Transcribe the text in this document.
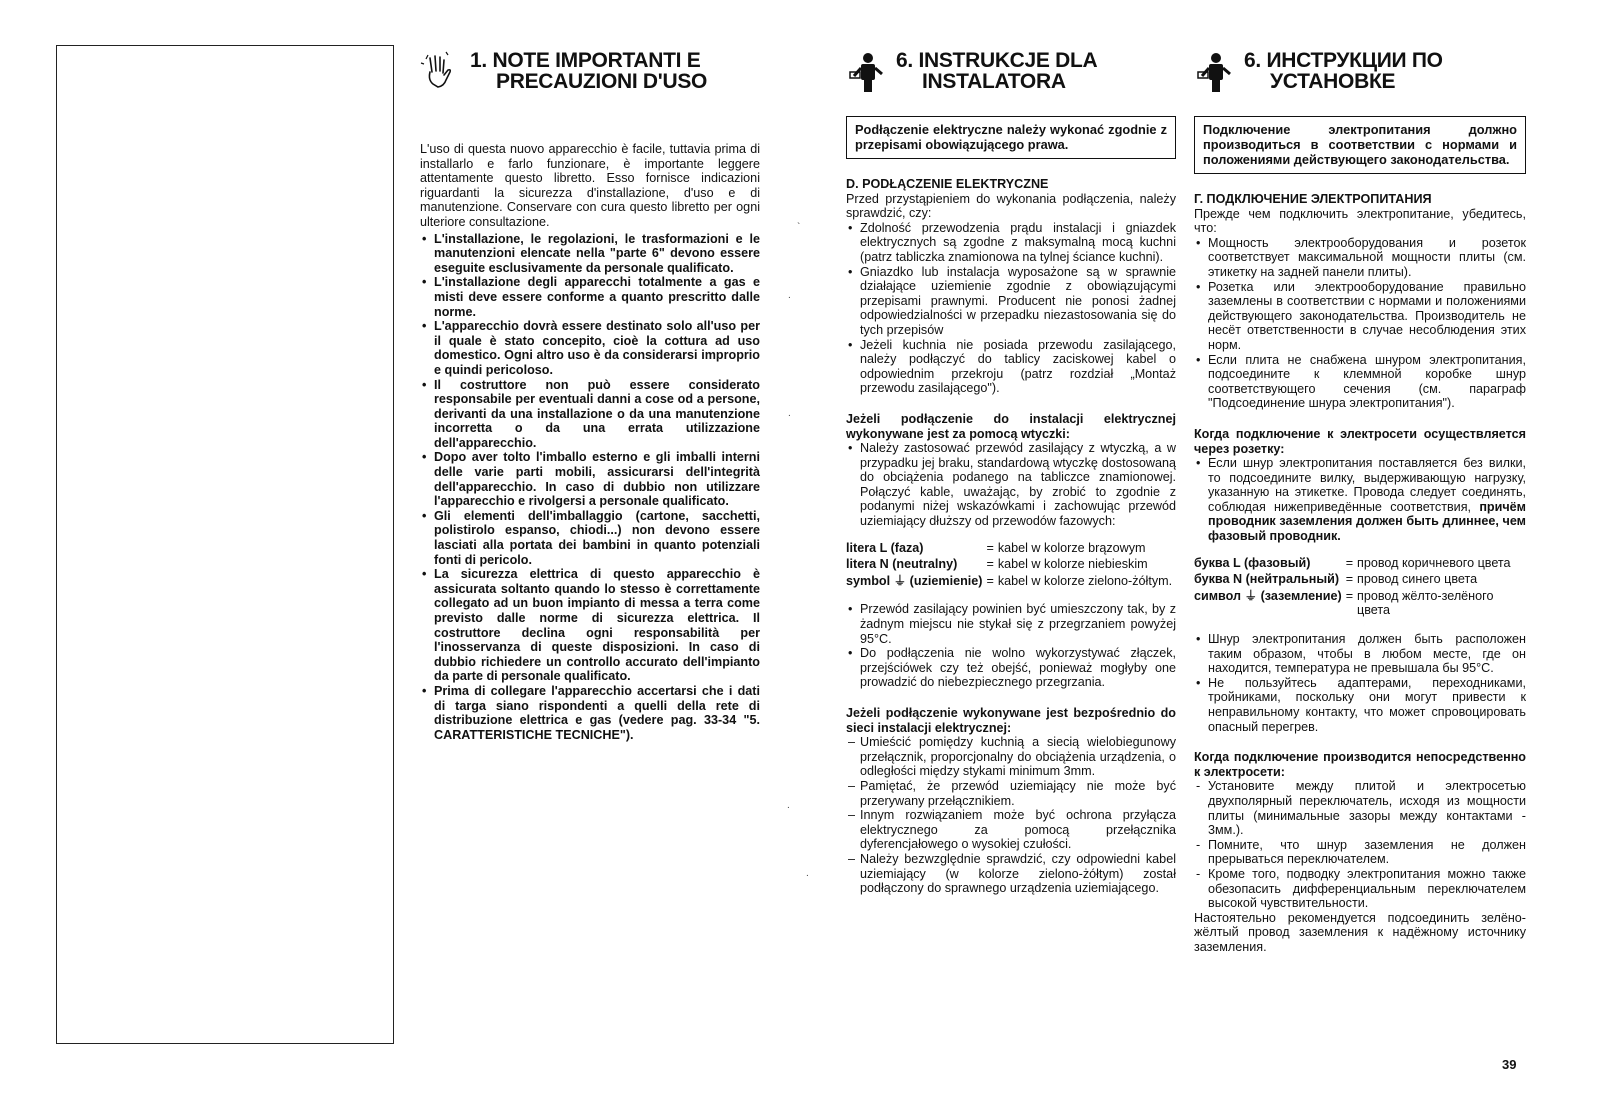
1. NOTE IMPORTANTI E
PRECAUZIONI D'USO

L'uso di questa nuovo apparecchio è facile, tuttavia prima di installarlo e farlo funzionare, è importante leggere attentamente questo libretto. Esso fornisce indicazioni riguardanti la sicurezza d'installazione, d'uso e di manutenzione. Conservare con cura questo libretto per ogni ulteriore consultazione.

• L'installazione, le regolazioni, le trasformazioni e le manutenzioni elencate nella "parte 6" devono essere eseguite esclusivamente da personale qualificato.
• L'installazione degli apparecchi totalmente a gas e misti deve essere conforme a quanto prescritto dalle norme.
• L'apparecchio dovrà essere destinato solo all'uso per il quale è stato concepito, cioè la cottura ad uso domestico. Ogni altro uso è da considerarsi improprio e quindi pericoloso.
• Il costruttore non può essere considerato responsabile per eventuali danni a cose od a persone, derivanti da una installazione o da una manutenzione incorretta o da una errata utilizzazione dell'apparecchio.
• Dopo aver tolto l'imballo esterno e gli imballi interni delle varie parti mobili, assicurarsi dell'integrità dell'apparecchio. In caso di dubbio non utilizzare l'apparecchio e rivolgersi a personale qualificato.
• Gli elementi dell'imballaggio (cartone, sacchetti, polistirolo espanso, chiodi...) non devono essere lasciati alla portata dei bambini in quanto potenziali fonti di pericolo.
• La sicurezza elettrica di questo apparecchio è assicurata soltanto quando lo stesso è correttamente collegato ad un buon impianto di messa a terra come previsto dalle norme di sicurezza elettrica. Il costruttore declina ogni responsabilità per l'inosservanza di queste disposizioni. In caso di dubbio richiedere un controllo accurato dell'impianto da parte di personale qualificato.
• Prima di collegare l'apparecchio accertarsi che i dati di targa siano rispondenti a quelli della rete di distribuzione elettrica e gas (vedere pag. 33-34 "5. CARATTERISTICHE TECNICHE").
6. INSTRUKCJE DLA
INSTALATORA
Podłączenie elektryczne należy wykonać zgodnie z przepisami obowiązującego prawa.

D. PODŁĄCZENIE ELEKTRYCZNE

Przed przystąpieniem do wykonania podłączenia, należy sprawdzić, czy:

• Zdolność przewodzenia prądu instalacji i gniazdek elektrycznych są zgodne z maksymalną mocą kuchni (patrz tabliczka znamionowa na tylnej ściance kuchni).
• Gniazdko lub instalacja wyposażone są w sprawnie działające uziemienie zgodnie z obowiązującymi przepisami prawnymi. Producent nie ponosi żadnej odpowiedzialności w przepadku niezastosowania się do tych przepisów
• Jeżeli kuchnia nie posiada przewodu zasilającego, należy podłączyć do tablicy zaciskowej kabel o odpowiednim przekroju (patrz rozdział „Montaż przewodu zasilającego").

Jeżeli podłączenie do instalacji elektrycznej wykonywane jest za pomocą wtyczki:

• Należy zastosować przewód zasilający z wtyczką, a w przypadku jej braku, standardową wtyczkę dostosowaną do obciążenia podanego na tabliczce znamionowej. Połączyć kable, uważając, by zrobić to zgodnie z podanymi niżej wskazówkami i zachowując przewód uziemiający dłuższy od przewodów fazowych:
litera L (faza)	=	kabel w kolorze brązowym
litera N (neutralny)	=	kabel w kolorze niebieskim
symbol ⏚ (uziemienie)	=	kabel w kolorze zielono-żółtym.
• Przewód zasilający powinien być umieszczony tak, by z żadnym miejscu nie stykał się z przegrzaniem powyżej 95°C.
• Do podłączenia nie wolno wykorzystywać złączek, przejściówek czy też obejść, ponieważ mogłyby one prowadzić do niebezpiecznego przegrzania.

Jeżeli podłączenie wykonywane jest bezpośrednio do sieci instalacji elektrycznej:

– Umieścić pomiędzy kuchnią a siecią wielobiegunowy przełącznik, proporcjonalny do obciążenia urządzenia, o odległości między stykami minimum 3mm.
– Pamiętać, że przewód uziemiający nie może być przerywany przełącznikiem.
– Innym rozwiązaniem może być ochrona przyłącza elektrycznego za pomocą przełącznika dyferencjałowego o wysokiej czułości.
– Należy bezwzględnie sprawdzić, czy odpowiedni kabel uziemiający (w kolorze zielono-żółtym) został podłączony do sprawnego urządzenia uziemiającego.
6. ИНСТРУКЦИИ ПО
УСТАНОВКЕ
Подключение электропитания должно производиться в соответствии с нормами и положениями действующего законодательства.

Г. ПОДКЛЮЧЕНИЕ ЭЛЕКТРОПИТАНИЯ

Прежде чем подключить электропитание, убедитесь, что:

• Мощность электрооборудования и розеток соответствует максимальной мощности плиты (см. этикетку на задней панели плиты).
• Розетка или электрооборудование правильно заземлены в соответствии с нормами и положениями действующего законодательства. Производитель не несёт ответственности в случае несоблюдения этих норм.
• Если плита не снабжена шнуром электропитания, подсоедините к клеммной коробке шнур соответствующего сечения (см. параграф "Подсоединение шнура электропитания").

Когда подключение к электросети осуществляется через розетку:

• Если шнур электропитания поставляется без вилки, то подсоедините вилку, выдерживающую нагрузку, указанную на этикетке. Провода следует соединять, соблюдая нижеприведённые соответствия, причём проводник заземления должен быть длиннее, чем фазовый проводник.
буква L (фазовый)	=	провод коричневого цвета
буква N (нейтральный)	=	провод синего цвета
символ ⏚ (заземление)	=	провод жёлто-зелёного цвета
• Шнур электропитания должен быть расположен таким образом, чтобы в любом месте, где он находится, температура не превышала бы 95°C.
• Не пользуйтесь адаптерами, переходниками, тройниками, поскольку они могут привести к неправильному контакту, что может спровоцировать опасный перегрев.

Когда подключение производится непосредственно к электросети:

- Установите между плитой и электросетью двухполярный переключатель, исходя из мощности плиты (минимальные зазоры между контактами - 3мм.).
- Помните, что шнур заземления не должен прерываться переключателем.
- Кроме того, подводку электропитания можно также обезопасить дифференциальным переключателем высокой чувствительности.

Настоятельно рекомендуется подсоединить зелёно-жёлтый провод заземления к надёжному источнику заземления.

39
`
.
.
.
.
